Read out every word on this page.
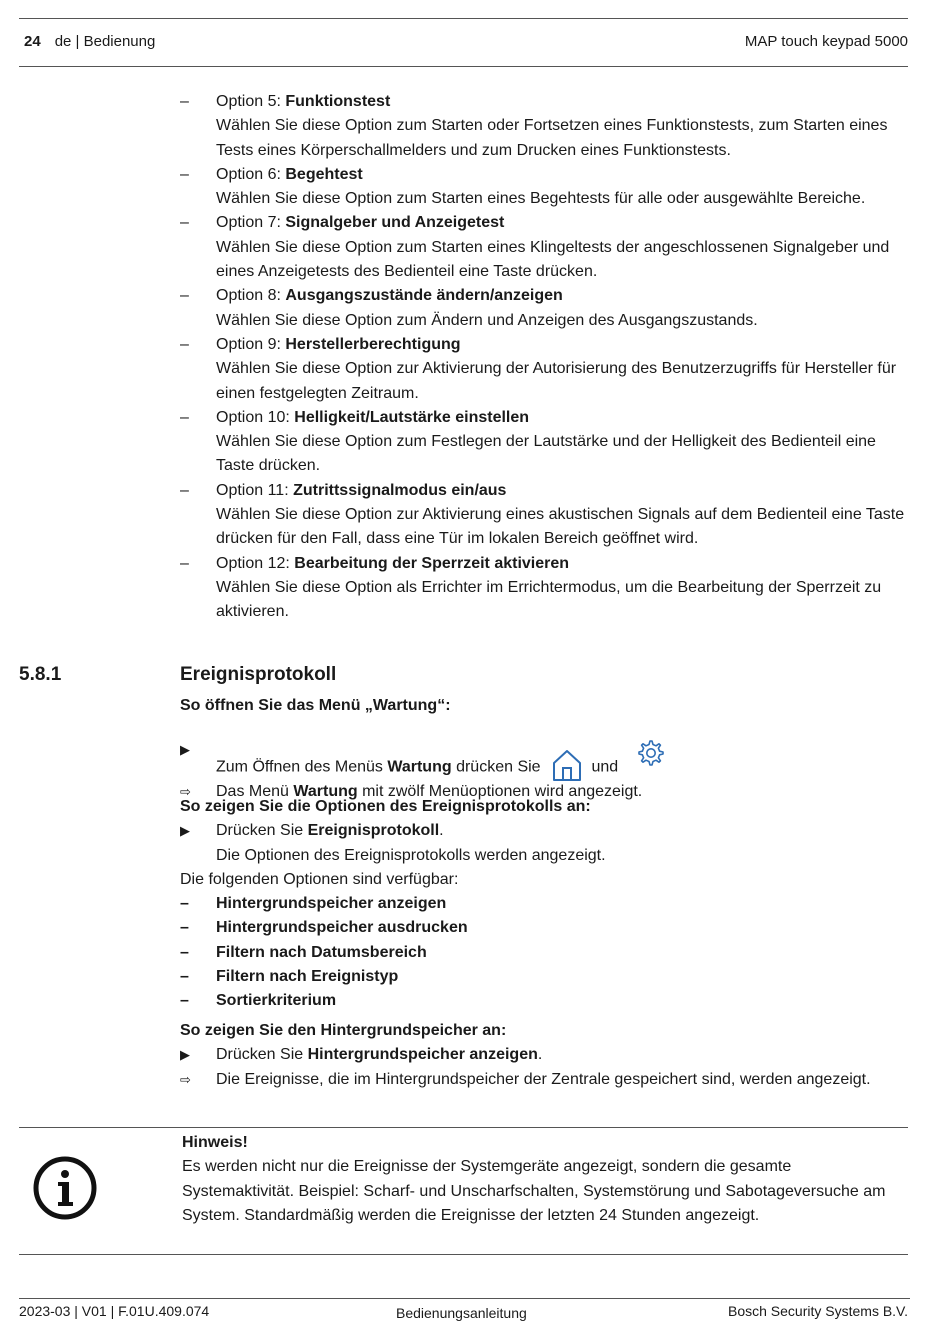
24 de | Bedienung	MAP touch keypad 5000
–	Option 5: Funktionstest
Wählen Sie diese Option zum Starten oder Fortsetzen eines Funktionstests, zum Starten eines Tests eines Körperschallmelders und zum Drucken eines Funktionstests.
–	Option 6: Begehtest
Wählen Sie diese Option zum Starten eines Begehtests für alle oder ausgewählte Bereiche.
–	Option 7: Signalgeber und Anzeigetest
Wählen Sie diese Option zum Starten eines Klingeltests der angeschlossenen Signalgeber und eines Anzeigetests des Bedienteil eine Taste drücken.
–	Option 8: Ausgangszustände ändern/anzeigen
Wählen Sie diese Option zum Ändern und Anzeigen des Ausgangszustands.
–	Option 9: Herstellerberechtigung
Wählen Sie diese Option zur Aktivierung der Autorisierung des Benutzerzugriffs für Hersteller für einen festgelegten Zeitraum.
–	Option 10: Helligkeit/Lautstärke einstellen
Wählen Sie diese Option zum Festlegen der Lautstärke und der Helligkeit des Bedienteil eine Taste drücken.
–	Option 11: Zutrittssignalmodus ein/aus
Wählen Sie diese Option zur Aktivierung eines akustischen Signals auf dem Bedienteil eine Taste drücken für den Fall, dass eine Tür im lokalen Bereich geöffnet wird.
–	Option 12: Bearbeitung der Sperrzeit aktivieren
Wählen Sie diese Option als Errichter im Errichtermodus, um die Bearbeitung der Sperrzeit zu aktivieren.
5.8.1	Ereignisprotokoll

So öffnen Sie das Menü „Wartung“:

▶
Zum Öffnen des Menüs Wartung drücken Sie	und
⇨	Das Menü Wartung mit zwölf Menüoptionen wird angezeigt.

So zeigen Sie die Optionen des Ereignisprotokolls an:

▶	Drücken Sie Ereignisprotokoll.
Die Optionen des Ereignisprotokolls werden angezeigt.

Die folgenden Optionen sind verfügbar:

–	Hintergrundspeicher anzeigen
–	Hintergrundspeicher ausdrucken
–	Filtern nach Datumsbereich
–	Filtern nach Ereignistyp
–	Sortierkriterium

So zeigen Sie den Hintergrundspeicher an:

▶	Drücken Sie Hintergrundspeicher anzeigen.
⇨	Die Ereignisse, die im Hintergrundspeicher der Zentrale gespeichert sind, werden angezeigt.
Hinweis!
Es werden nicht nur die Ereignisse der Systemgeräte angezeigt, sondern die gesamte Systemaktivität. Beispiel: Scharf- und Unscharfschalten, Systemstörung und Sabotageversuche am System. Standardmäßig werden die Ereignisse der letzten 24 Stunden angezeigt.
2023-03 | V01 | F.01U.409.074	Bedienungsanleitung	Bosch Security Systems B.V.
